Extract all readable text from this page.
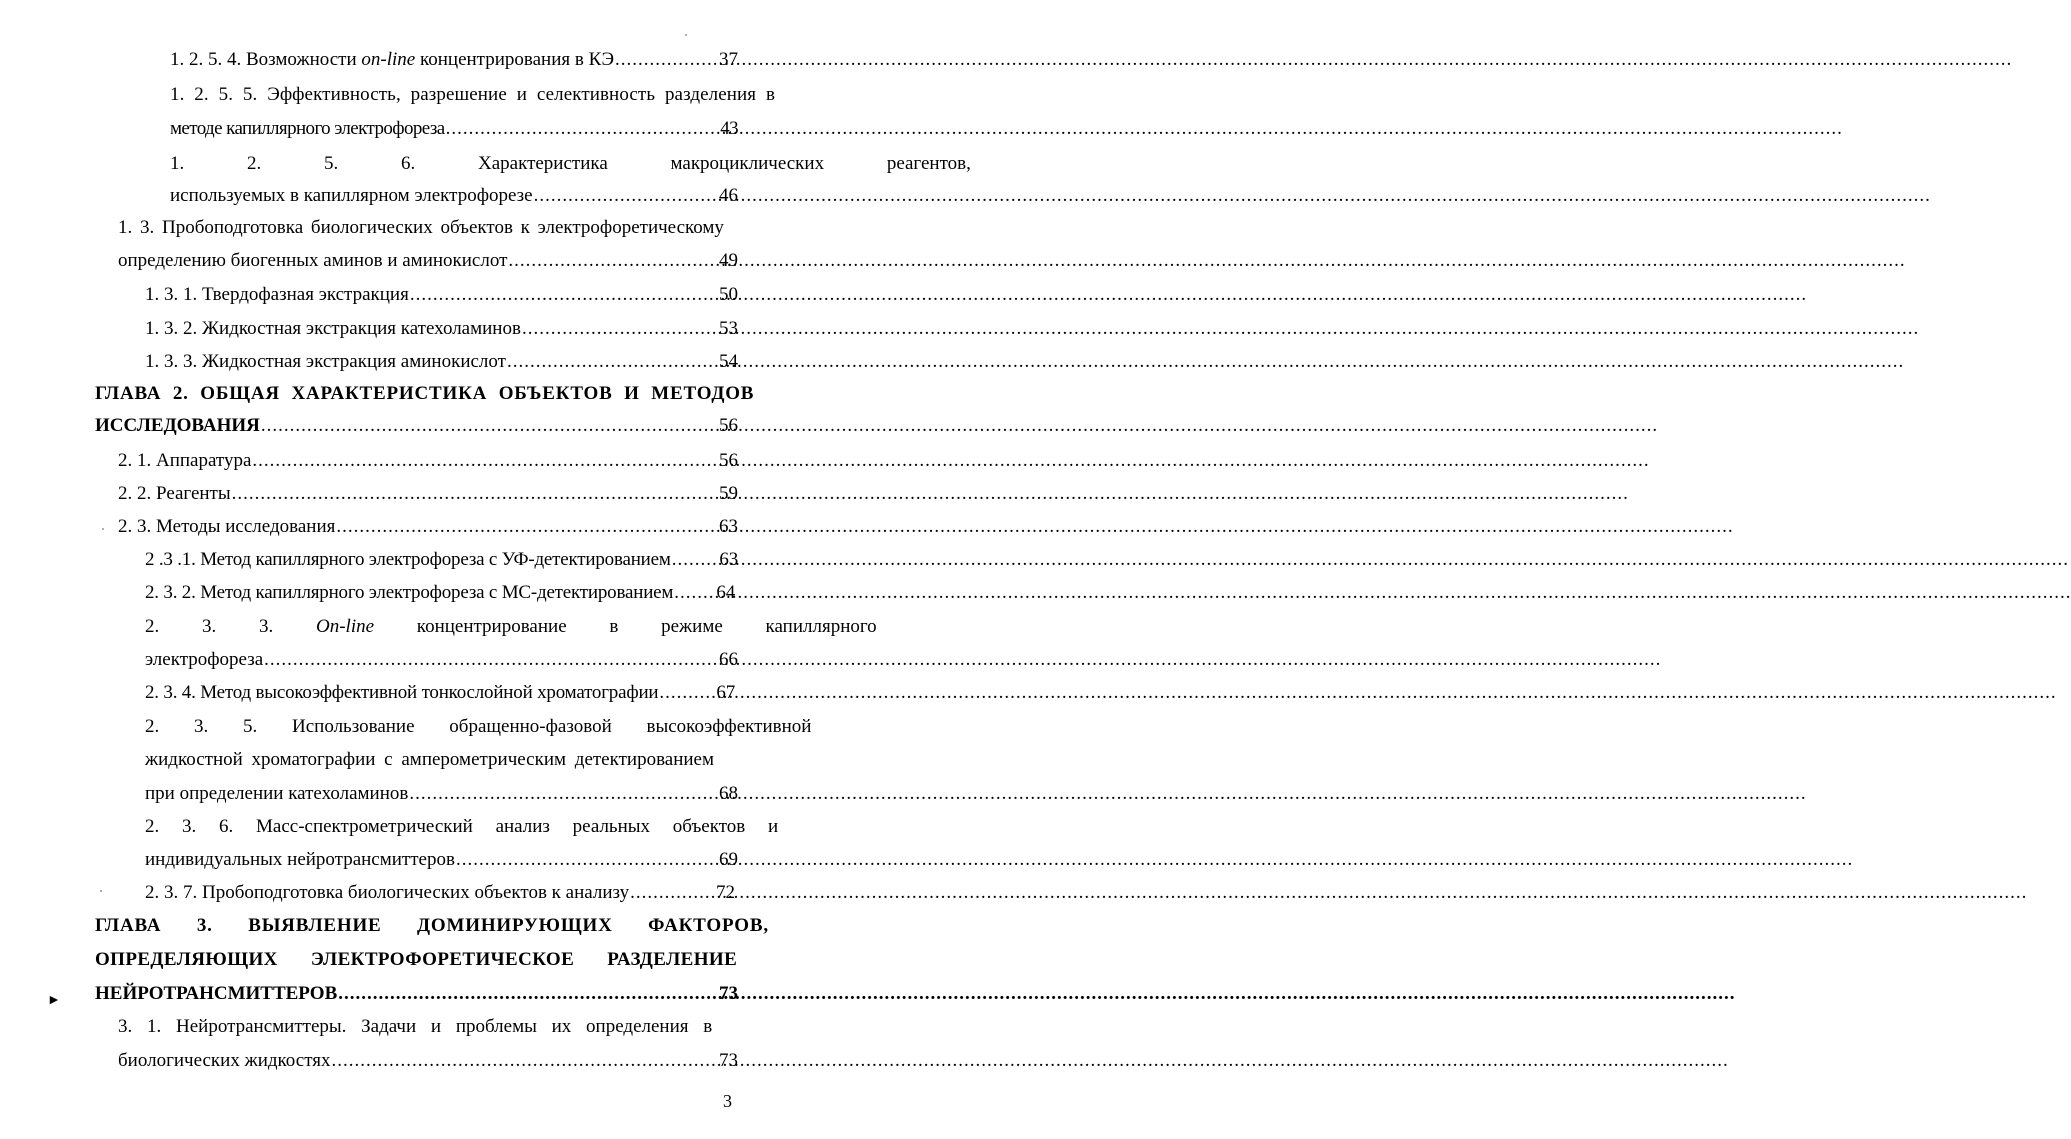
1. 2. 5. 4. Возможности on-line концентрирования в КЭ .....	37
1. 2. 5. 5. Эффективность, разрешение и селективность разделения в
методе капиллярного электрофореза .....	43
1. 2. 5. 6. Характеристика макроциклических реагентов,
используемых в капиллярном электрофорезе .....	46
1. 3. Пробоподготовка биологических объектов к электрофоретическому
определению биогенных аминов и аминокислот .....	49
1. 3. 1. Твердофазная экстракция .....	50
1. 3. 2. Жидкостная экстракция катехоламинов .....	53
1. 3. 3. Жидкостная экстракция аминокислот .....	54
ГЛАВА 2. ОБЩАЯ ХАРАКТЕРИСТИКА ОБЪЕКТОВ И МЕТОДОВ
ИССЛЕДОВАНИЯ .....	56
2. 1. Аппаратура .....	56
2. 2. Реагенты .....	59
2. 3. Методы исследования .....	63
2 .3 .1. Метод капиллярного электрофореза с УФ-детектированием .....	63
2. 3. 2. Метод капиллярного электрофореза с МС-детектированием ..... 64
2. 3. 3. On-line концентрирование в режиме капиллярного
электрофореза .....	66
2. 3. 4. Метод высокоэффективной тонкослойной хроматографии .....	67
2. 3. 5. Использование обращенно-фазовой высокоэффективной
жидкостной хроматографии с амперометрическим детектированием
при определении катехоламинов .....	68
2. 3. 6. Масс-спектрометрический анализ реальных объектов и
индивидуальных нейротрансмиттеров .....	69
2. 3. 7. Пробоподготовка биологических объектов к анализу .....	72
ГЛАВА 3. ВЫЯВЛЕНИЕ ДОМИНИРУЮЩИХ ФАКТОРОВ,
ОПРЕДЕЛЯЮЩИХ ЭЛЕКТРОФОРЕТИЧЕСКОЕ РАЗДЕЛЕНИЕ
НЕЙРОТРАНСМИТТЕРОВ .....	73
3. 1. Нейротрансмиттеры. Задачи и проблемы их определения в
биологических жидкостях .....	73
3
►
